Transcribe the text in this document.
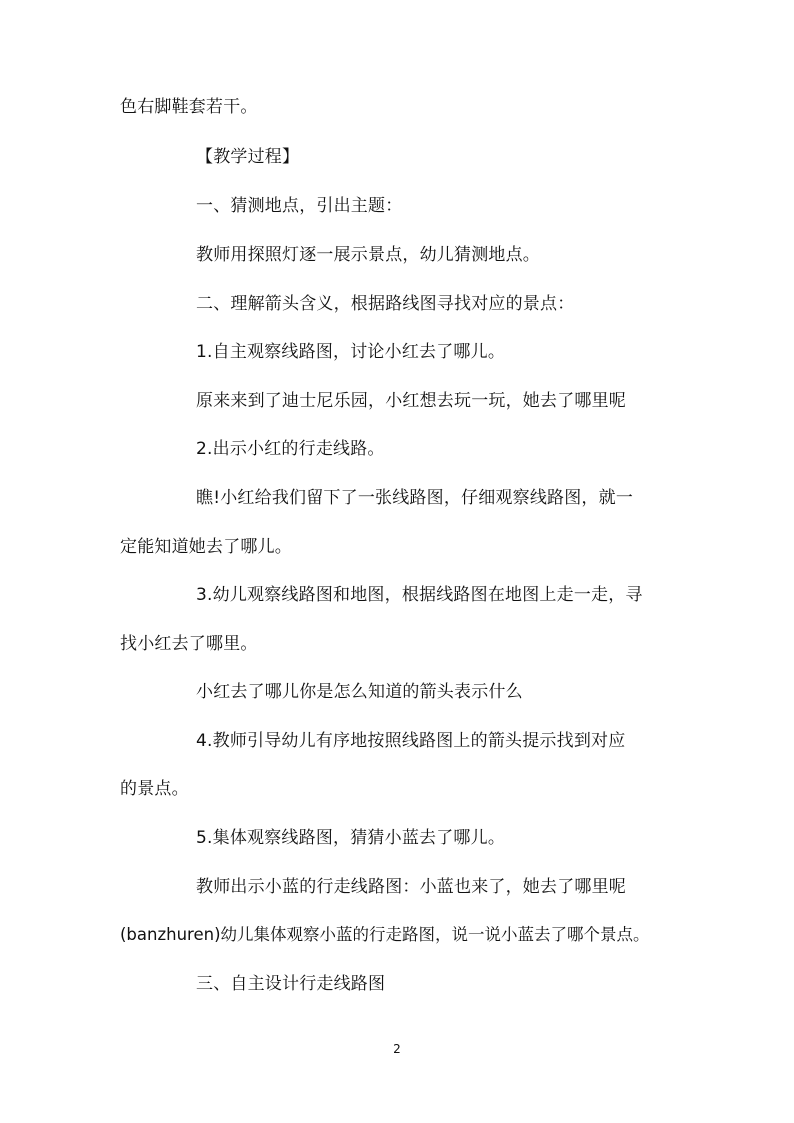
色右脚鞋套若干。
【教学过程】
一、猜测地点，引出主题：
教师用探照灯逐一展示景点，幼儿猜测地点。
二、理解箭头含义，根据路线图寻找对应的景点：
1.自主观察线路图，讨论小红去了哪儿。
原来来到了迪士尼乐园，小红想去玩一玩，她去了哪里呢
2.出示小红的行走线路。
瞧!小红给我们留下了一张线路图，仔细观察线路图，就一
定能知道她去了哪儿。
3.幼儿观察线路图和地图，根据线路图在地图上走一走，寻
找小红去了哪里。
小红去了哪儿你是怎么知道的箭头表示什么
4.教师引导幼儿有序地按照线路图上的箭头提示找到对应
的景点。
5.集体观察线路图，猜猜小蓝去了哪儿。
教师出示小蓝的行走线路图：小蓝也来了，她去了哪里呢
(banzhuren)幼儿集体观察小蓝的行走路图，说一说小蓝去了哪个景点。
三、自主设计行走线路图
2
